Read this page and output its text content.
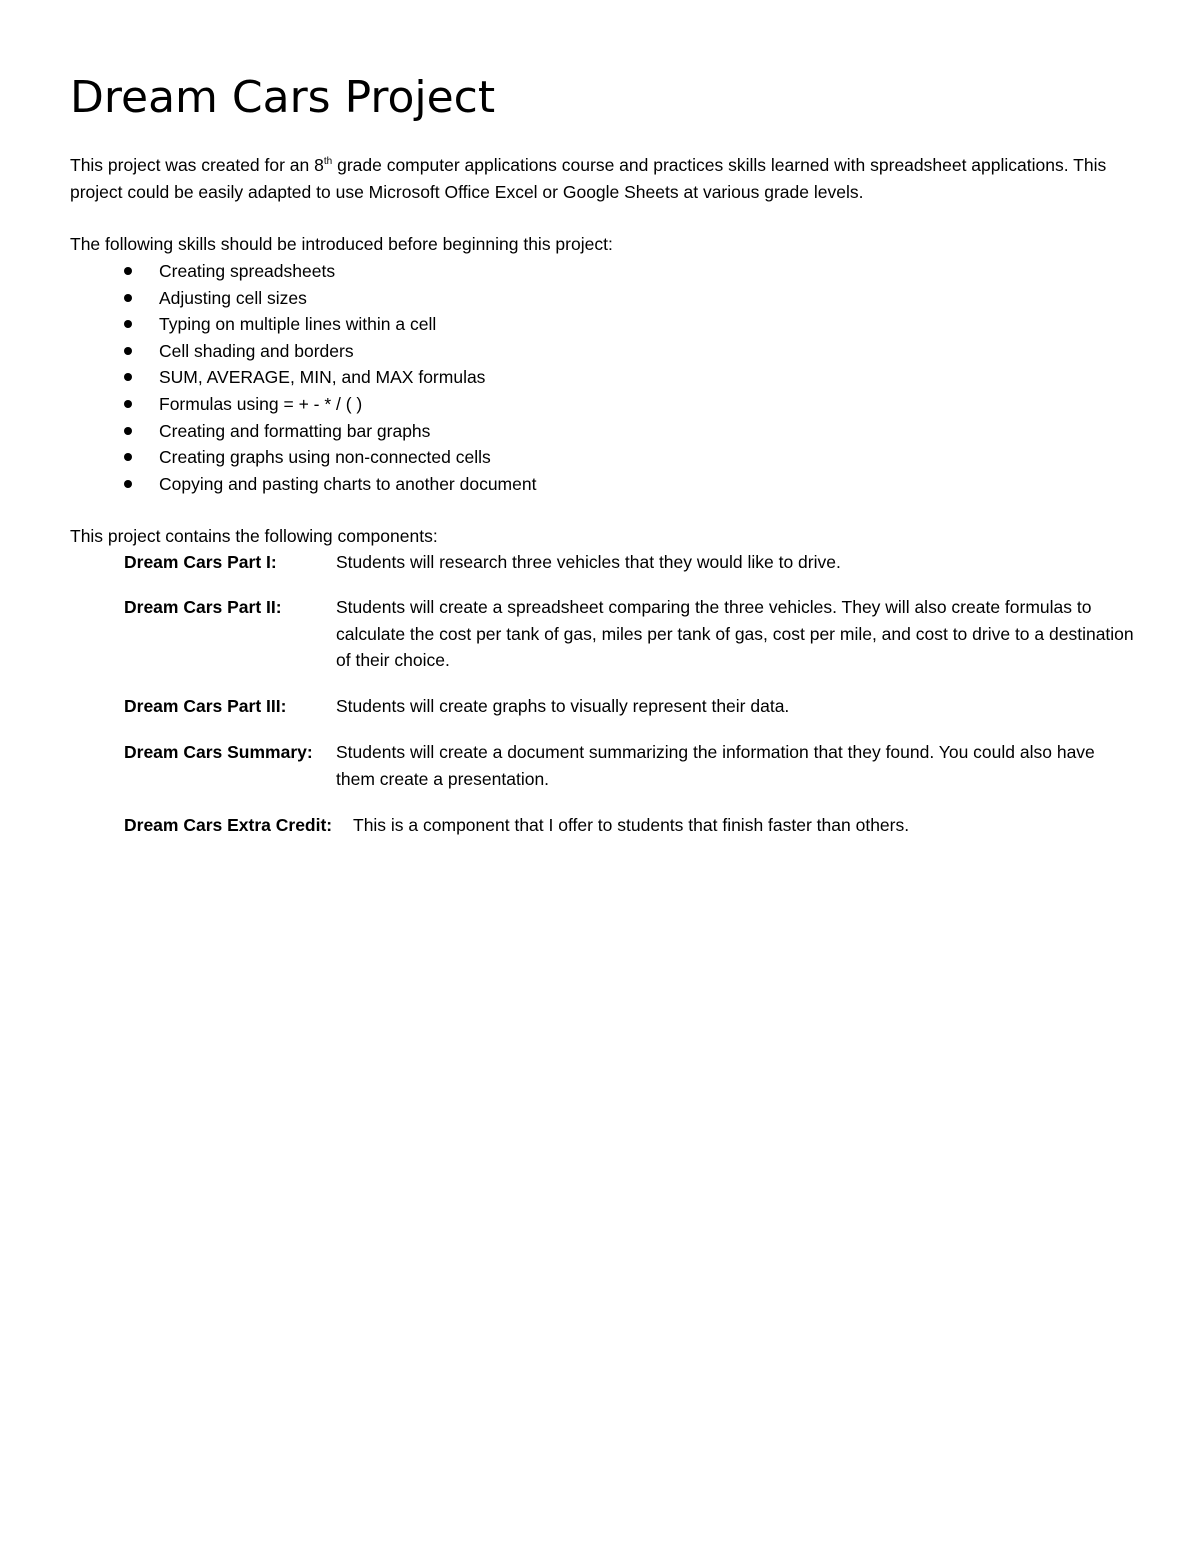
Dream Cars Project

This project was created for an 8th grade computer applications course and practices skills learned with spreadsheet applications. This project could be easily adapted to use Microsoft Office Excel or Google Sheets at various grade levels.

The following skills should be introduced before beginning this project:

Creating spreadsheets
Adjusting cell sizes
Typing on multiple lines within a cell
Cell shading and borders
SUM, AVERAGE, MIN, and MAX formulas
Formulas using = + - * / ( )
Creating and formatting bar graphs
Creating graphs using non-connected cells
Copying and pasting charts to another document

This project contains the following components:

Dream Cars Part I:	Students will research three vehicles that they would like to drive.
Dream Cars Part II:	Students will create a spreadsheet comparing the three vehicles. They will also create formulas to calculate the cost per tank of gas, miles per tank of gas, cost per mile, and cost to drive to a destination of their choice.
Dream Cars Part III:	Students will create graphs to visually represent their data.
Dream Cars Summary: Students will create a document summarizing the information that they found. You could also have them create a presentation.
Dream Cars Extra Credit: This is a component that I offer to students that finish faster than others.
